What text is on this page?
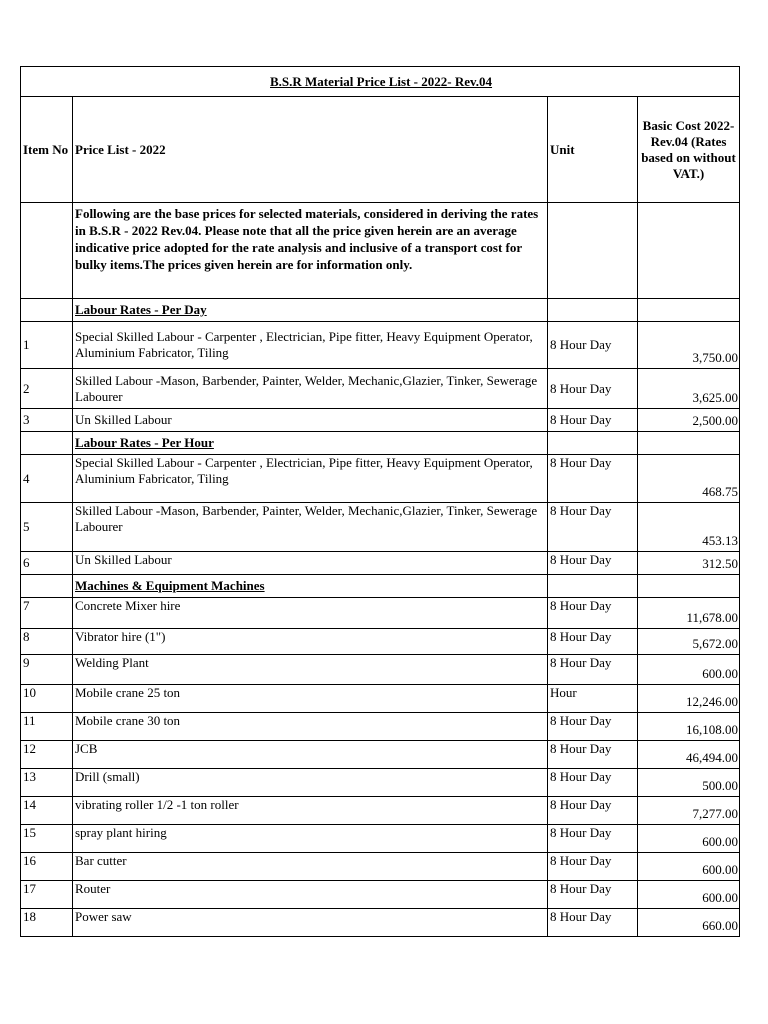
B.S.R Material Price List - 2022- Rev.04			
Item No	Price List - 2022	Unit	Basic Cost 2022-Rev.04 (Rates based on without VAT.)
	Following are the base prices for selected materials, considered in deriving the rates in B.S.R - 2022 Rev.04. Please note that all the price given herein are an average indicative price adopted for the rate analysis and inclusive of a transport cost for bulky items.The prices given herein are for information only.		
	Labour Rates - Per Day		
1	Special Skilled Labour - Carpenter , Electrician, Pipe fitter, Heavy Equipment Operator, Aluminium Fabricator, Tiling	8 Hour Day	3,750.00
2	Skilled Labour -Mason, Barbender, Painter, Welder, Mechanic,Glazier, Tinker, Sewerage Labourer	8 Hour Day	3,625.00
3	Un Skilled Labour	8 Hour Day	2,500.00
	Labour Rates - Per Hour		
4	Special Skilled Labour - Carpenter , Electrician, Pipe fitter, Heavy Equipment Operator, Aluminium Fabricator, Tiling	8 Hour Day	468.75
5	Skilled Labour -Mason, Barbender, Painter, Welder, Mechanic,Glazier, Tinker, Sewerage Labourer	8 Hour Day	453.13
6	Un Skilled Labour	8 Hour Day	312.50
	Machines & Equipment Machines		
7	Concrete Mixer hire	8 Hour Day	11,678.00
8	Vibrator hire (1")	8 Hour Day	5,672.00
9	Welding Plant	8 Hour Day	600.00
10	Mobile crane 25 ton	Hour	12,246.00
11	Mobile crane 30 ton	8 Hour Day	16,108.00
12	JCB	8 Hour Day	46,494.00
13	Drill (small)	8 Hour Day	500.00
14	vibrating roller 1/2 -1 ton roller	8 Hour Day	7,277.00
15	spray plant hiring	8 Hour Day	600.00
16	Bar cutter	8 Hour Day	600.00
17	Router	8 Hour Day	600.00
18	Power saw	8 Hour Day	660.00
